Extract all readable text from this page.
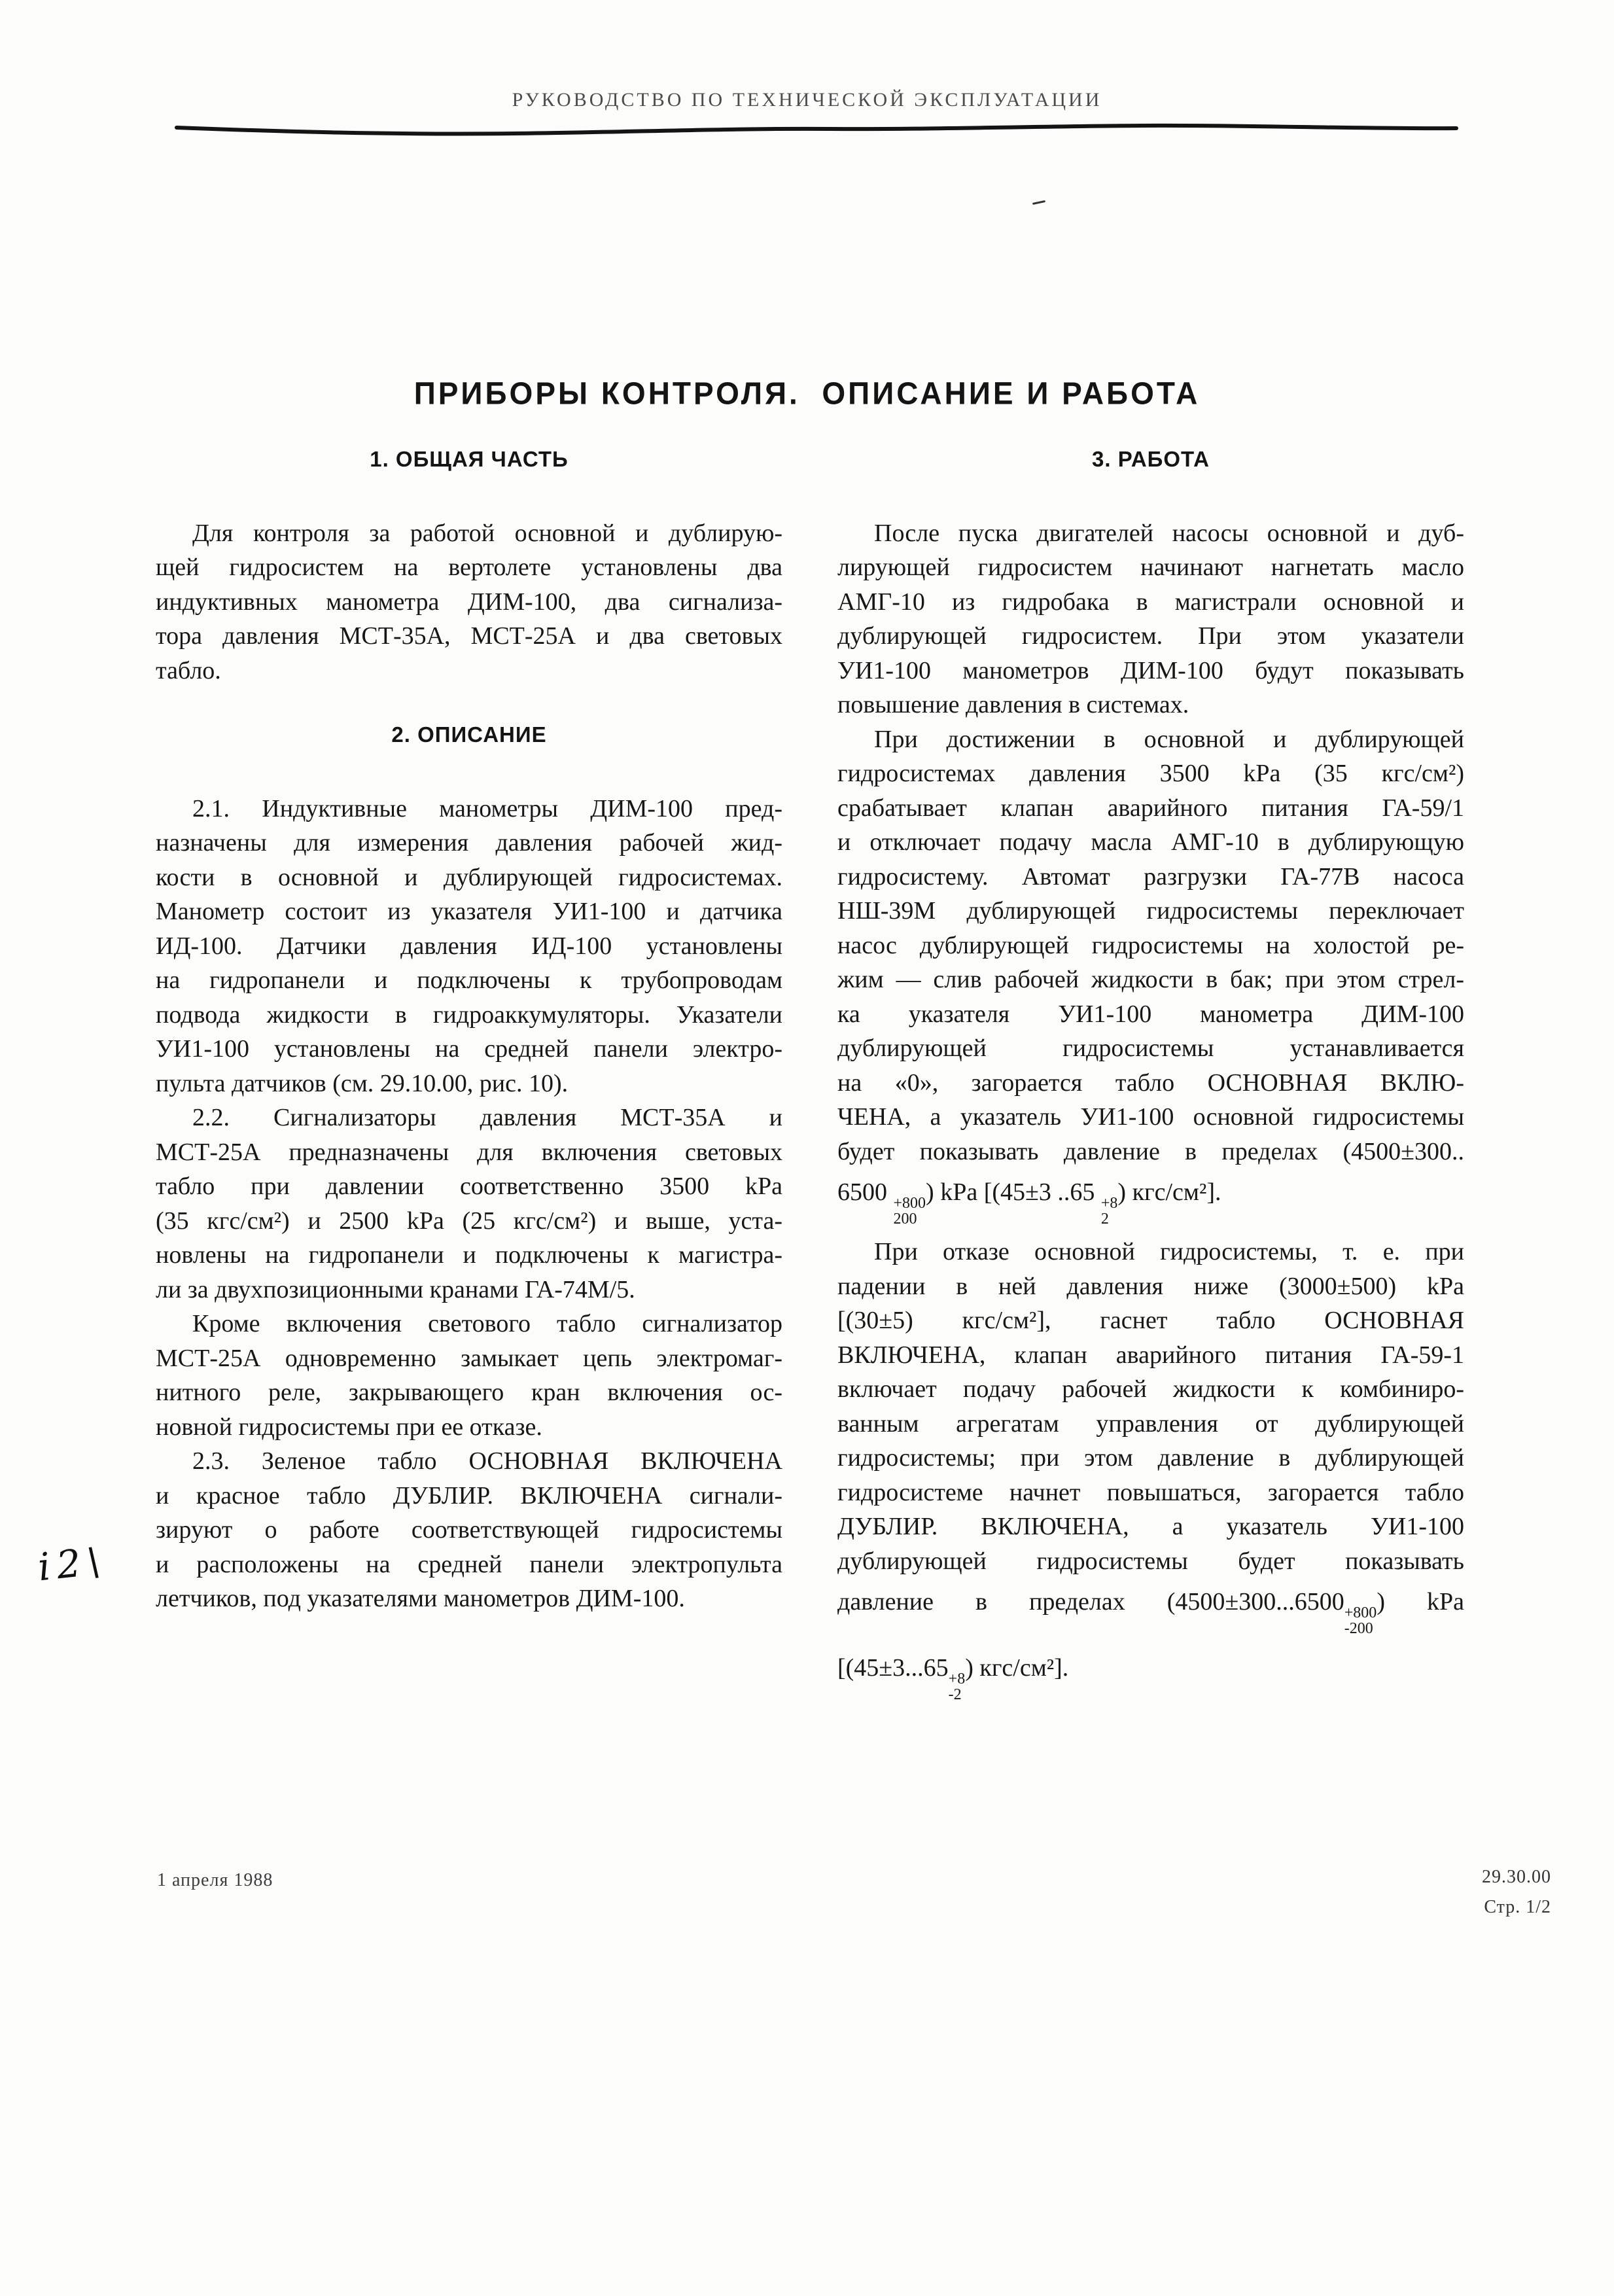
РУКОВОДСТВО ПО ТЕХНИЧЕСКОЙ ЭКСПЛУАТАЦИИ
ПРИБОРЫ КОНТРОЛЯ.  ОПИСАНИЕ И РАБОТА
1. ОБЩАЯ ЧАСТЬ
Для контроля за работой основной и дублирую-
щей гидросистем на вертолете установлены два
индуктивных манометра ДИМ-100, два сигнализа-
тора давления МСТ-35А, МСТ-25А и два световых
табло.
2. ОПИСАНИЕ
2.1. Индуктивные манометры ДИМ-100 пред-
назначены для измерения давления рабочей жид-
кости в основной и дублирующей гидросистемах.
Манометр состоит из указателя УИ1-100 и датчика
ИД-100. Датчики давления ИД-100 установлены
на гидропанели и подключены к трубопроводам
подвода жидкости в гидроаккумуляторы. Указатели
УИ1-100 установлены на средней панели электро-
пульта датчиков (см. 29.10.00, рис. 10).
2.2. Сигнализаторы давления МСТ-35А и
МСТ-25А предназначены для включения световых
табло при давлении соответственно 3500 kPa
(35 кгс/см²) и 2500 kPa (25 кгс/см²) и выше, уста-
новлены на гидропанели и подключены к магистра-
ли за двухпозиционными кранами ГА-74М/5.
Кроме включения светового табло сигнализатор
МСТ-25А одновременно замыкает цепь электромаг-
нитного реле, закрывающего кран включения ос-
новной гидросистемы при ее отказе.
2.3. Зеленое табло ОСНОВНАЯ ВКЛЮЧЕНА
и красное табло ДУБЛИР. ВКЛЮЧЕНА сигнали-
зируют о работе соответствующей гидросистемы
и расположены на средней панели электропульта
летчиков, под указателями манометров ДИМ-100.
3. РАБОТА
После пуска двигателей насосы основной и дуб-
лирующей гидросистем начинают нагнетать масло
АМГ-10 из гидробака в магистрали основной и
дублирующей гидросистем. При этом указатели
УИ1-100 манометров ДИМ-100 будут показывать
повышение давления в системах.
При достижении в основной и дублирующей
гидросистемах давления 3500 kPa (35 кгс/см²)
срабатывает клапан аварийного питания ГА-59/1
и отключает подачу масла АМГ-10 в дублирующую
гидросистему. Автомат разгрузки ГА-77В насоса
НШ-39М дублирующей гидросистемы переключает
насос дублирующей гидросистемы на холостой ре-
жим — слив рабочей жидкости в бак; при этом стрел-
ка указателя УИ1-100 манометра ДИМ-100
дублирующей гидросистемы устанавливается
на «0», загорается табло ОСНОВНАЯ ВКЛЮ-
ЧЕНА, а указатель УИ1-100 основной гидросистемы
будет показывать давление в пределах (4500±300..
6500 +800
200
) kPa [(45±3 ..65 +8
2
) кгс/см²].
При отказе основной гидросистемы, т. е. при
падении в ней давления ниже (3000±500) kPa
[(30±5) кгс/см²], гаснет табло ОСНОВНАЯ
ВКЛЮЧЕНА, клапан аварийного питания ГА-59-1
включает подачу рабочей жидкости к комбиниро-
ванным агрегатам управления от дублирующей
гидросистемы; при этом давление в дублирующей
гидросистеме начнет повышаться, загорается табло
ДУБЛИР. ВКЛЮЧЕНА, а указатель УИ1-100
дублирующей гидросистемы будет показывать
давление в пределах (4500±300...6500 +800
-200
) kPa
[(45±3...65 +8
-2
) кгс/см²].
i2\
1 апреля 1988	29.30.00
Стр. 1/2
